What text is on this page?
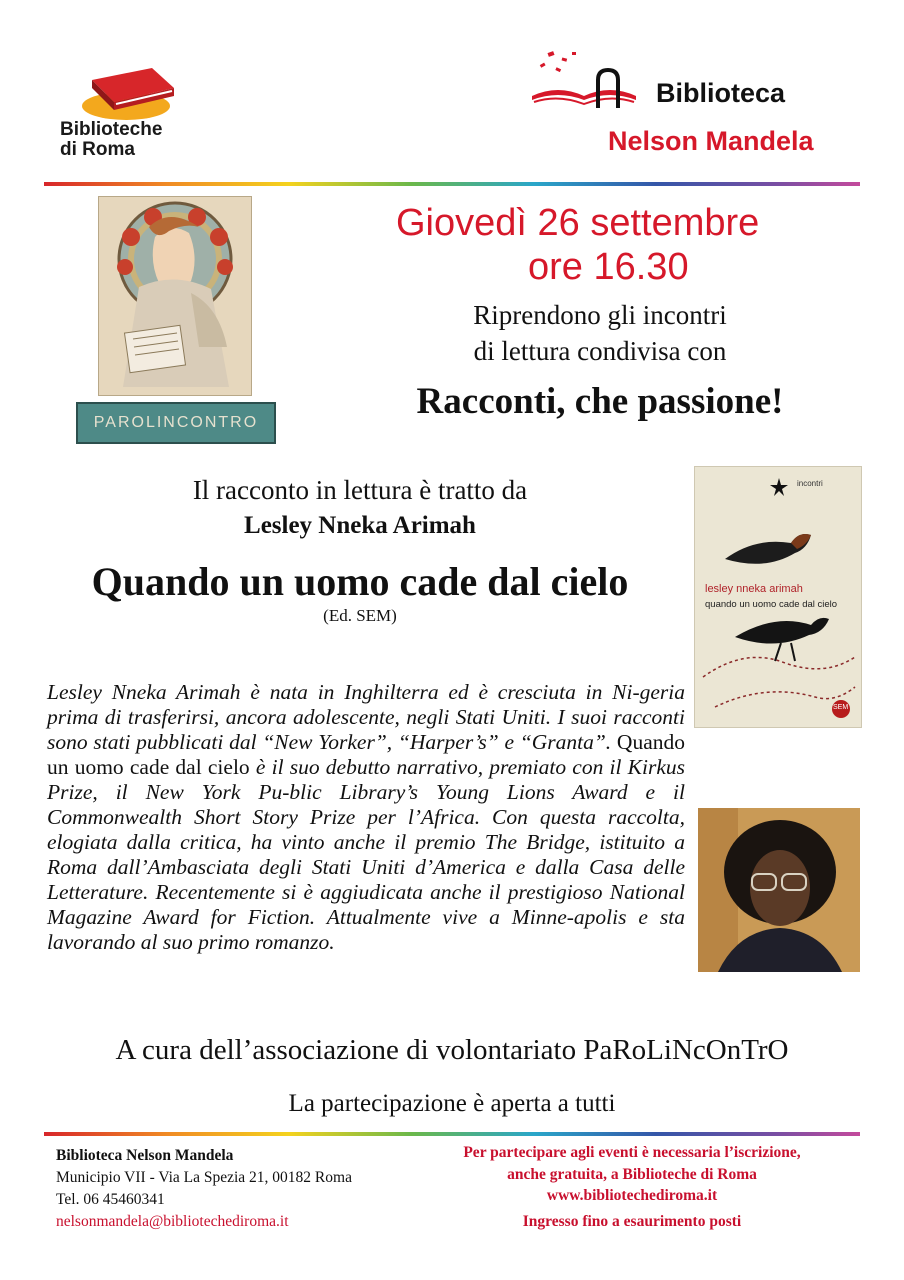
Biblioteche
di Roma
Biblioteca
Nelson Mandela
PAROLINCONTRO
Giovedì 26 settembre
ore 16.30
Riprendono gli incontri
di lettura condivisa con
Racconti, che passione!
Il racconto in lettura è tratto da
Lesley Nneka Arimah
Quando un uomo cade dal cielo
(Ed. SEM)
incontri
lesley nneka arimah
quando un uomo cade dal cielo
SEM
Lesley Nneka Arimah è nata in Inghilterra ed è cresciuta in Ni-geria prima di trasferirsi, ancora adolescente, negli Stati Uniti. I suoi racconti sono stati pubblicati dal “New Yorker”, “Harper’s” e “Granta”. Quando un uomo cade dal cielo è il suo debutto narrativo, premiato con il Kirkus Prize, il New York Pu-blic Library’s Young Lions Award e il Commonwealth Short Story Prize per l’Africa. Con questa raccolta, elogiata dalla critica, ha vinto anche il premio The Bridge, istituito a Roma dall’Ambasciata degli Stati Uniti d’America e dalla Casa delle Letterature. Recentemente si è aggiudicata anche il prestigioso National Magazine Award for Fiction. Attualmente vive a Minne-apolis e sta lavorando al suo primo romanzo.
A cura dell’associazione di volontariato PaRoLiNcOnTrO
La partecipazione è aperta a tutti
Biblioteca Nelson Mandela
Municipio VII - Via La Spezia 21, 00182 Roma
Tel. 06 45460341
nelsonmandela@bibliotechediroma.it
Per partecipare agli eventi è necessaria l’iscrizione,
anche gratuita, a Biblioteche di Roma
www.bibliotechediroma.it
Ingresso fino a esaurimento posti
